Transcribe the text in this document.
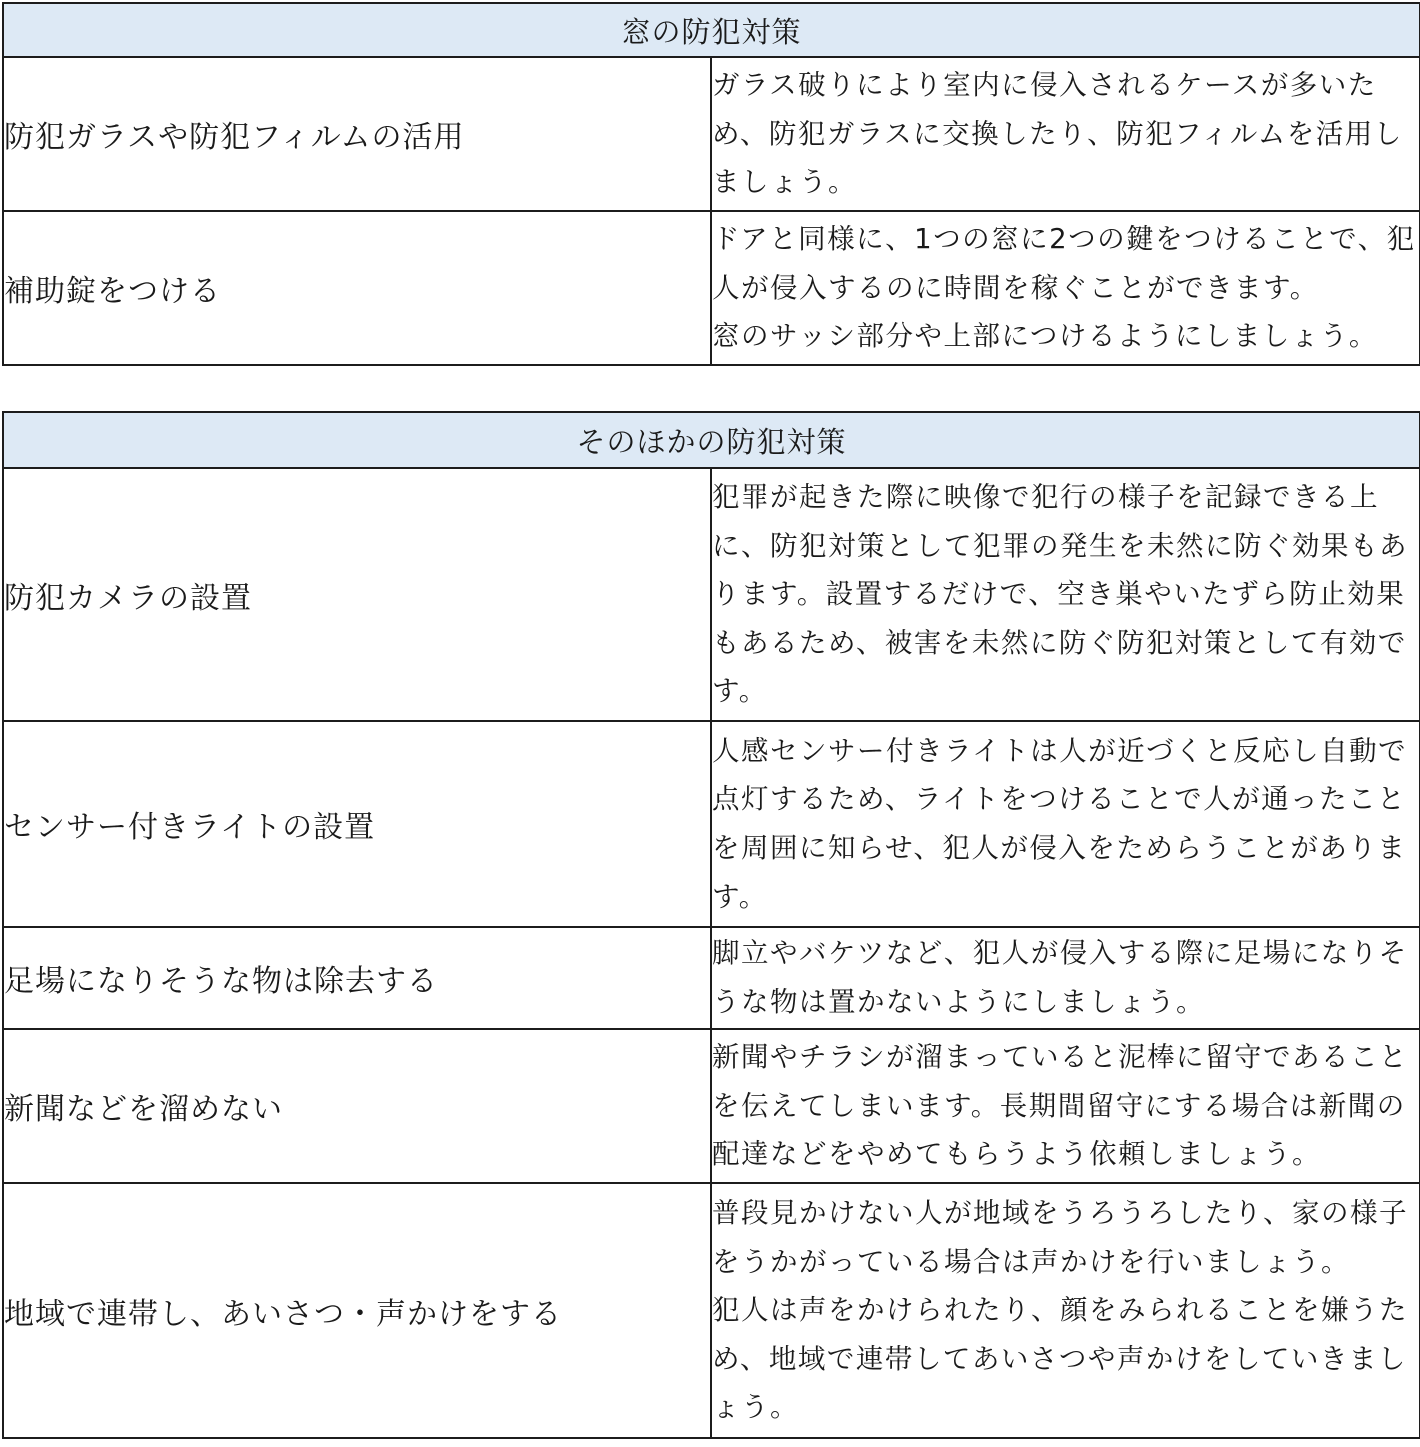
窓の防犯対策	
防犯ガラスや防犯フィルムの活用	ガラス破りにより室内に侵入されるケースが多いため、防犯ガラスに交換したり、防犯フィルムを活用しましょう。

補助錠をつける	ドアと同様に、1つの窓に2つの鍵をつけることで、犯人が侵入するのに時間を稼ぐことができます。
窓のサッシ部分や上部につけるようにしましょう。
そのほかの防犯対策	
防犯カメラの設置	犯罪が起きた際に映像で犯行の様子を記録できる上に、防犯対策として犯罪の発生を未然に防ぐ効果もあります。設置するだけで、空き巣やいたずら防止効果もあるため、被害を未然に防ぐ防犯対策として有効です。

センサー付きライトの設置	人感センサー付きライトは人が近づくと反応し自動で点灯するため、ライトをつけることで人が通ったことを周囲に知らせ、犯人が侵入をためらうことがあります。

足場になりそうな物は除去する	脚立やバケツなど、犯人が侵入する際に足場になりそうな物は置かないようにしましょう。

新聞などを溜めない	新聞やチラシが溜まっていると泥棒に留守であることを伝えてしまいます。長期間留守にする場合は新聞の配達などをやめてもらうよう依頼しましょう。

地域で連帯し、あいさつ・声かけをする	普段見かけない人が地域をうろうろしたり、家の様子をうかがっている場合は声かけを行いましょう。
犯人は声をかけられたり、顔をみられることを嫌うため、地域で連帯してあいさつや声かけをしていきましょう。
